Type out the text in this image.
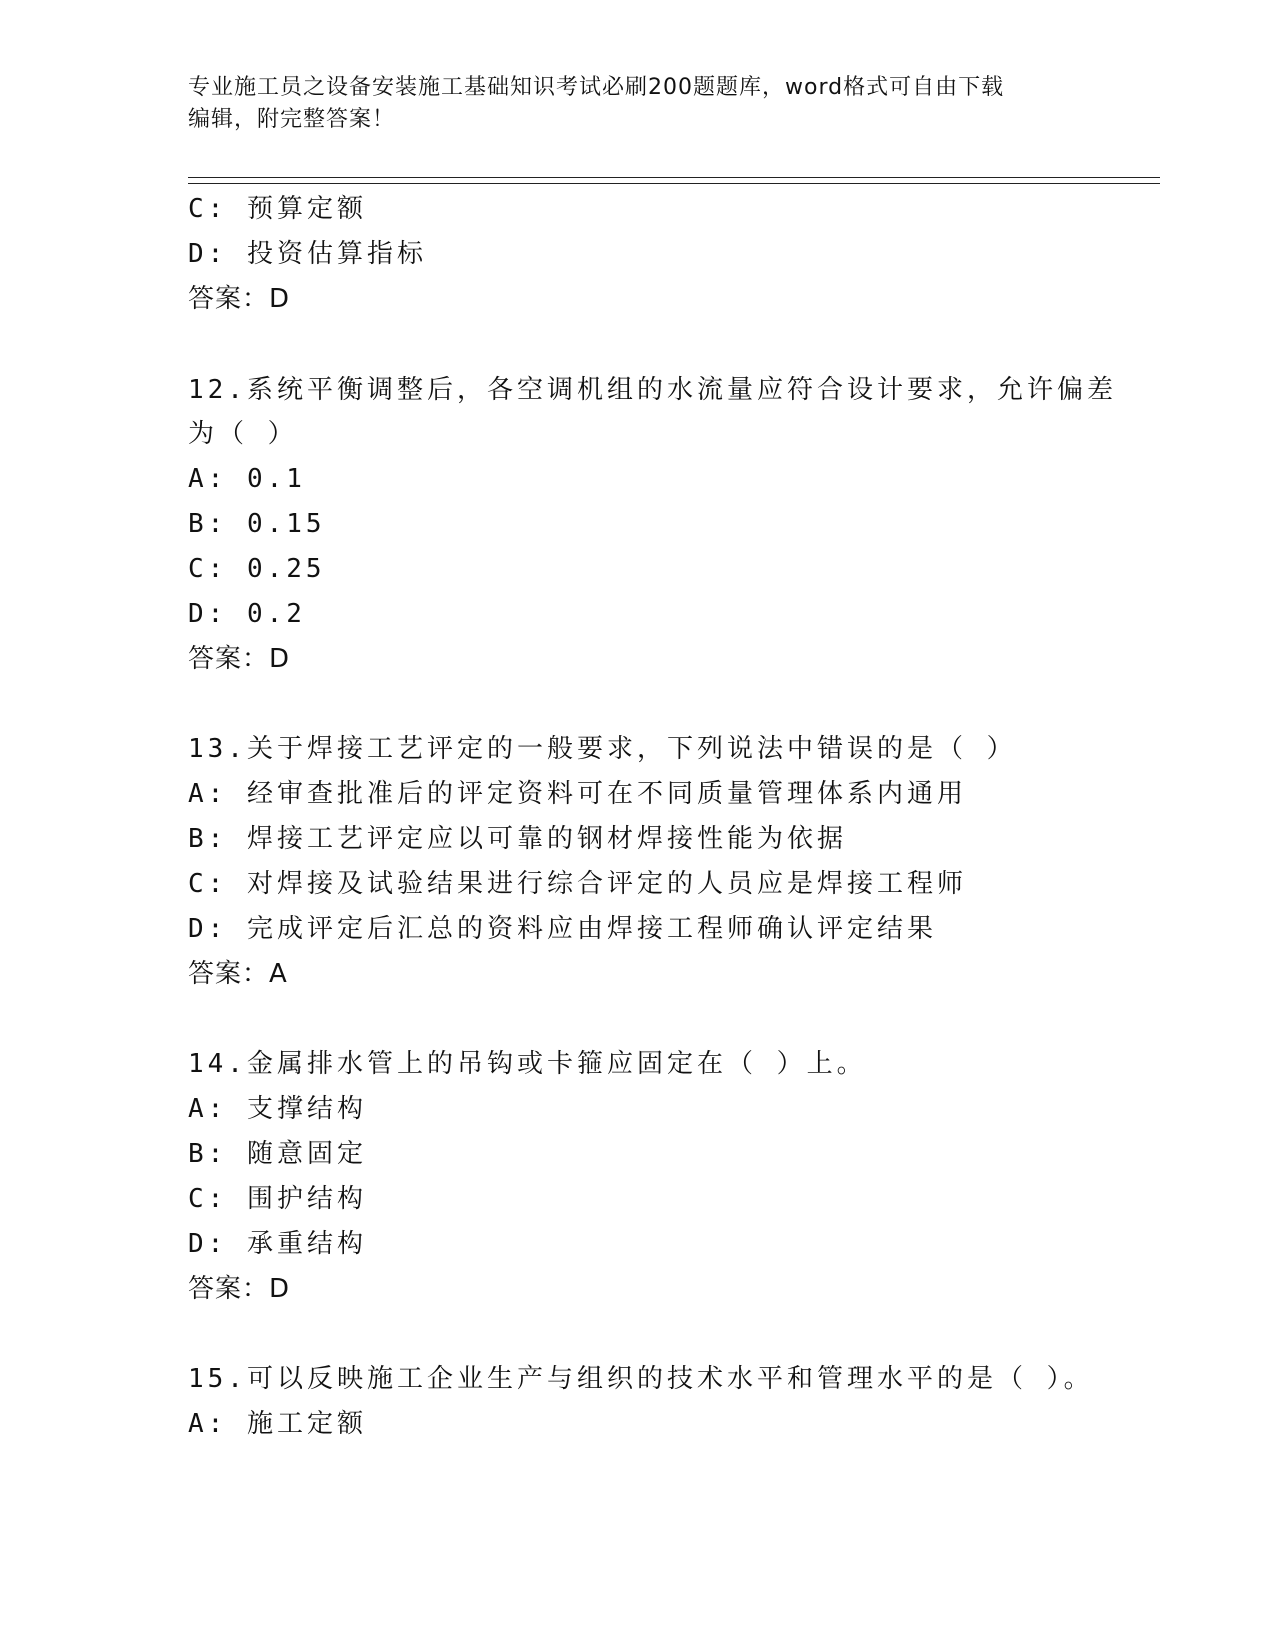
专业施工员之设备安装施工基础知识考试必刷200题题库，word格式可自由下载
编辑，附完整答案！
C: 预算定额
D: 投资估算指标
答案：D
12.系统平衡调整后，各空调机组的水流量应符合设计要求，允许偏差
为（ ）
A: 0.1
B: 0.15
C: 0.25
D: 0.2
答案：D
13.关于焊接工艺评定的一般要求，下列说法中错误的是（ ）
A: 经审查批准后的评定资料可在不同质量管理体系内通用
B: 焊接工艺评定应以可靠的钢材焊接性能为依据
C: 对焊接及试验结果进行综合评定的人员应是焊接工程师
D: 完成评定后汇总的资料应由焊接工程师确认评定结果
答案：A
14.金属排水管上的吊钩或卡箍应固定在（ ）上。
A: 支撑结构
B: 随意固定
C: 围护结构
D: 承重结构
答案：D
15.可以反映施工企业生产与组织的技术水平和管理水平的是（ ）。
A: 施工定额
